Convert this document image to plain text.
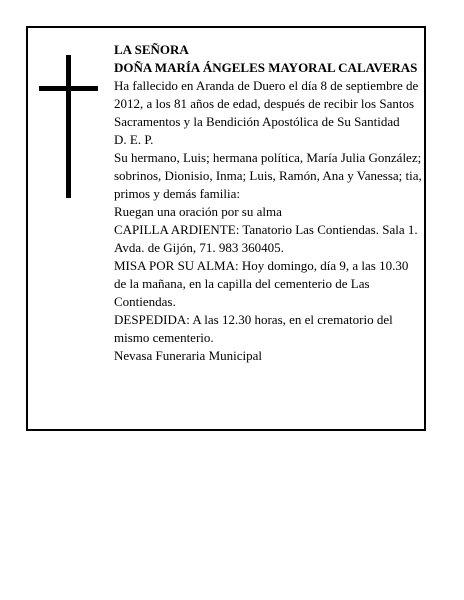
LA SEÑORA

DOÑA MARÍA ÁNGELES MAYORAL CALAVERAS

Ha fallecido en Aranda de Duero el día 8 de septiembre de 2012, a los 81 años de edad, después de recibir los Santos Sacramentos y la Bendición Apostólica de Su Santidad

D. E. P.

Su hermano, Luis; hermana política, María Julia González; sobrinos, Dionisio, Inma; Luis, Ramón, Ana y Vanessa; tia, primos y demás familia:

Ruegan una oración por su alma

CAPILLA ARDIENTE: Tanatorio Las Contiendas. Sala 1. Avda. de Gijón, 71. 983 360405.

MISA POR SU ALMA: Hoy domingo, día 9, a las 10.30 de la mañana, en la capilla del cementerio de Las Contiendas.

DESPEDIDA: A las 12.30 horas, en el crematorio del mismo cementerio.

Nevasa Funeraria Municipal
